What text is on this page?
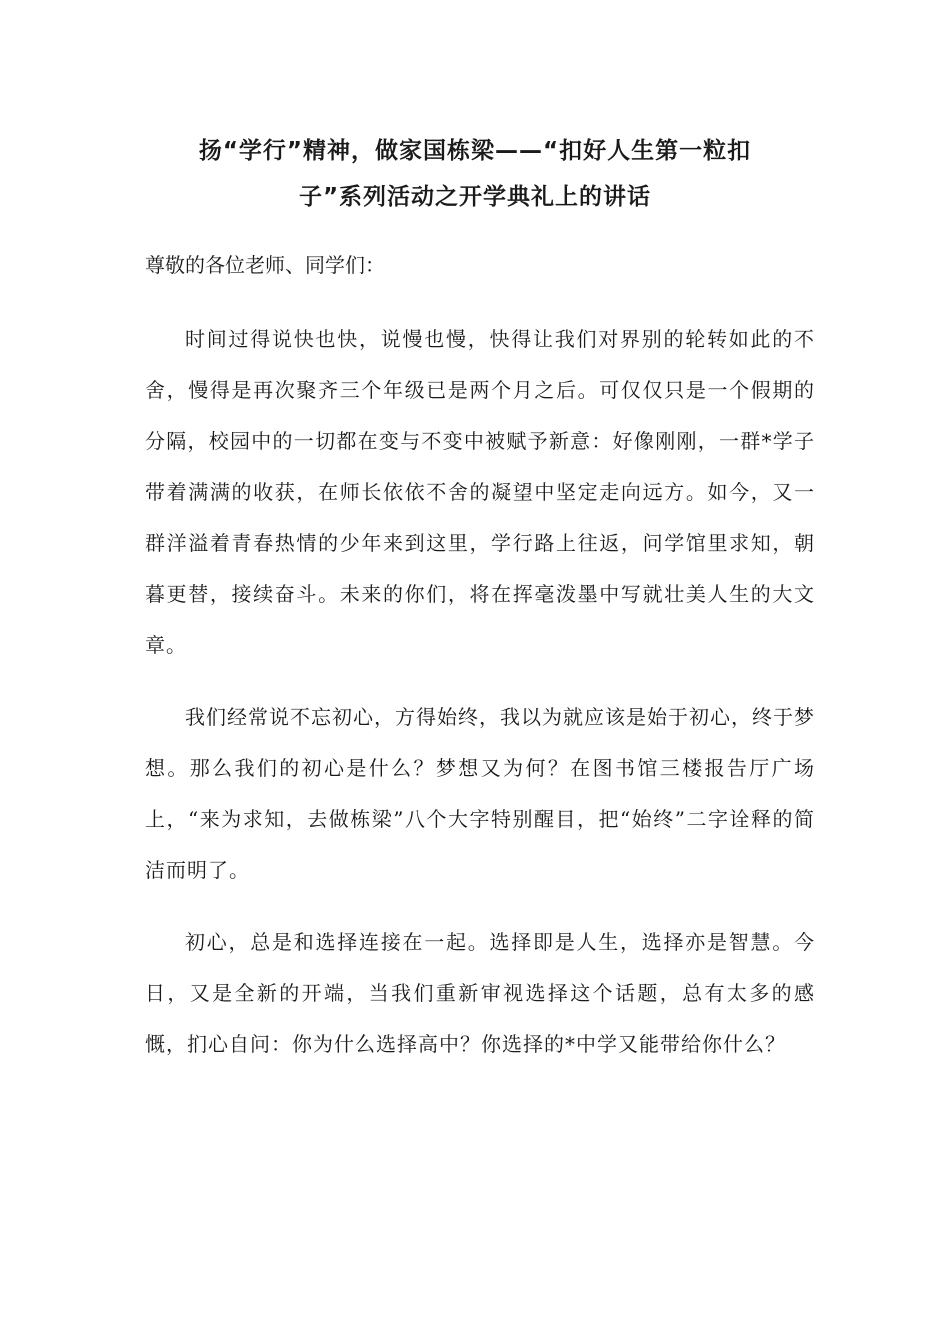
扬“学行”精神，做家国栋梁——“扣好人生第一粒扣
子”系列活动之开学典礼上的讲话

尊敬的各位老师、同学们：

时间过得说快也快，说慢也慢，快得让我们对界别的轮转如此的不舍，慢得是再次聚齐三个年级已是两个月之后。可仅仅只是一个假期的分隔，校园中的一切都在变与不变中被赋予新意：好像刚刚，一群*学子带着满满的收获，在师长依依不舍的凝望中坚定走向远方。如今，又一群洋溢着青春热情的少年来到这里，学行路上往返，问学馆里求知，朝暮更替，接续奋斗。未来的你们，将在挥毫泼墨中写就壮美人生的大文章。

我们经常说不忘初心，方得始终，我以为就应该是始于初心，终于梦想。那么我们的初心是什么？梦想又为何？在图书馆三楼报告厅广场上，“来为求知，去做栋梁”八个大字特别醒目，把“始终”二字诠释的简洁而明了。

初心，总是和选择连接在一起。选择即是人生，选择亦是智慧。今日，又是全新的开端，当我们重新审视选择这个话题，总有太多的感慨，扪心自问：你为什么选择高中？你选择的*中学又能带给你什么？
